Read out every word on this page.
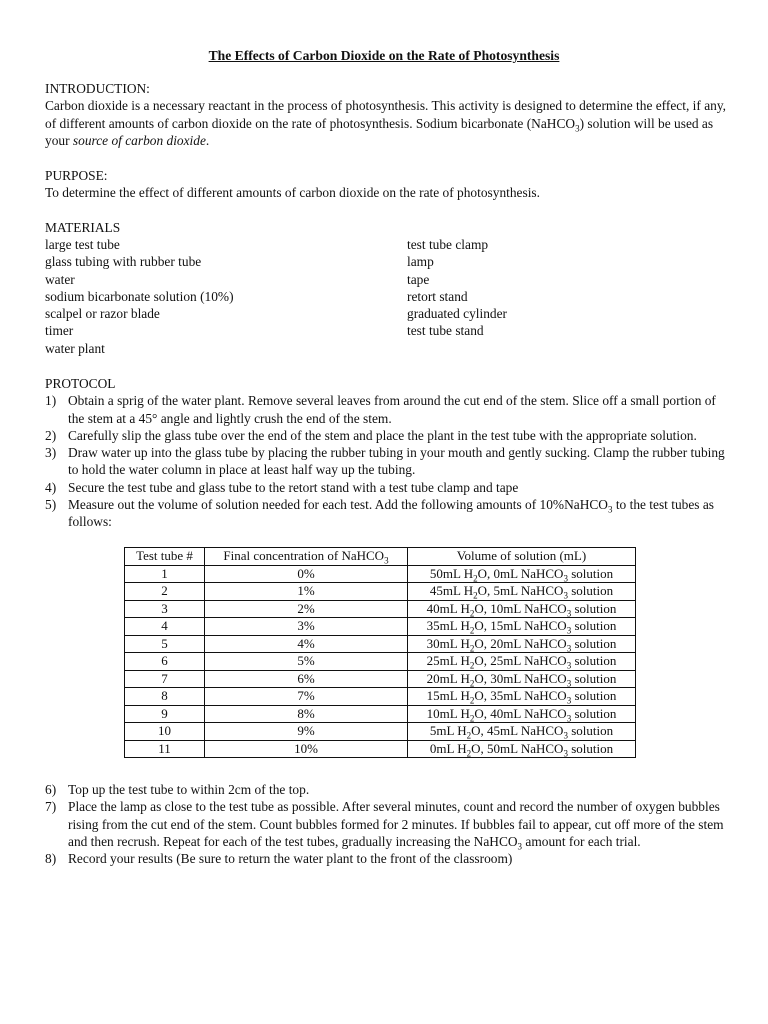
The Effects of Carbon Dioxide on the Rate of Photosynthesis
INTRODUCTION:

Carbon dioxide is a necessary reactant in the process of photosynthesis. This activity is designed to determine the effect, if any, of different amounts of carbon dioxide on the rate of photosynthesis. Sodium bicarbonate (NaHCO$_3$) solution will be used as your source of carbon dioxide.

PURPOSE:

To determine the effect of different amounts of carbon dioxide on the rate of photosynthesis.

MATERIALS
large test tube
glass tubing with rubber tube
water
sodium bicarbonate solution (10%)
scalpel or razor blade
timer
water plant
test tube clamp
lamp
tape
retort stand
graduated cylinder
test tube stand
PROTOCOL
1) Obtain a sprig of the water plant. Remove several leaves from around the cut end of the stem. Slice off a small portion of the stem at a 45° angle and lightly crush the end of the stem.
2) Carefully slip the glass tube over the end of the stem and place the plant in the test tube with the appropriate solution.
3) Draw water up into the glass tube by placing the rubber tubing in your mouth and gently sucking. Clamp the rubber tubing to hold the water column in place at least half way up the tubing.
4) Secure the test tube and glass tube to the retort stand with a test tube clamp and tape
5) Measure out the volume of solution needed for each test. Add the following amounts of 10%NaHCO$_3$ to the test tubes as follows:
Test tube #	Final concentration of NaHCO$_3$	Volume of solution (mL)
1	0%	50mL $H_2O$, 0mL NaHCO$_3$ solution
2	1%	45mL $H_2O$, 5mL NaHCO$_3$ solution
3	2%	40mL $H_2O$, 10mL NaHCO$_3$ solution
4	3%	35mL $H_2O$, 15mL NaHCO$_3$ solution
5	4%	30mL $H_2O$, 20mL NaHCO$_3$ solution
6	5%	25mL $H_2O$, 25mL NaHCO$_3$ solution
7	6%	20mL $H_2O$, 30mL NaHCO$_3$ solution
8	7%	15mL $H_2O$, 35mL NaHCO$_3$ solution
9	8%	10mL $H_2O$, 40mL NaHCO$_3$ solution
10	9%	5mL $H_2O$, 45mL NaHCO$_3$ solution
11	10%	0mL $H_2O$, 50mL NaHCO$_3$ solution
6) Top up the test tube to within 2cm of the top.
7) Place the lamp as close to the test tube as possible. After several minutes, count and record the number of oxygen bubbles rising from the cut end of the stem. Count bubbles formed for 2 minutes. If bubbles fail to appear, cut off more of the stem and then recrush. Repeat for each of the test tubes, gradually increasing the NaHCO$_3$ amount for each trial.
8) Record your results (Be sure to return the water plant to the front of the classroom)
